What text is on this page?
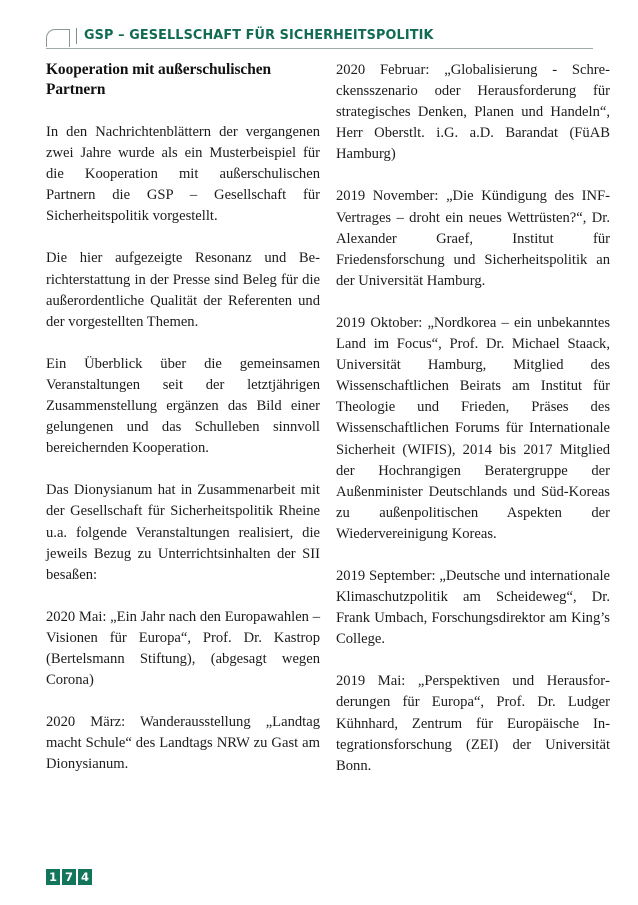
GSP – GESELLSCHAFT FÜR SICHERHEITSPOLITIK
Kooperation mit außerschulischen Partnern

In den Nachrichtenblättern der vergangenen zwei Jahre wurde als ein Musterbeispiel für die Kooperation mit außerschulischen Partnern die GSP – Gesellschaft für Sicherheitspolitik vorgestellt.

Die hier aufgezeigte Resonanz und Berichterstattung in der Presse sind Beleg für die außerordentliche Qualität der Referenten und der vorgestellten Themen.

Ein Überblick über die gemeinsamen Veranstaltungen seit der letztjährigen Zusammenstellung ergänzen das Bild einer gelungenen und das Schulleben sinnvoll bereichernden Kooperation.

Das Dionysianum hat in Zusammenarbeit mit der Gesellschaft für Sicherheitspolitik Rheine u.a. folgende Veranstaltungen realisiert, die jeweils Bezug zu Unterrichtsinhalten der SII besaßen:

2020 Mai: „Ein Jahr nach den Europawahlen – Visionen für Europa“, Prof. Dr. Kastrop (Bertelsmann Stiftung), (abgesagt wegen Corona)

2020 März: Wanderausstellung „Landtag macht Schule“ des Landtags NRW zu Gast am Dionysianum.

2020 Februar: „Globalisierung - Schreckensszenario oder Herausforderung für strategisches Denken, Planen und Handeln“, Herr Oberstlt. i.G. a.D. Barandat (FüAB Hamburg)

2019 November: „Die Kündigung des INF-Vertrages – droht ein neues Wettrüsten?“, Dr. Alexander Graef, Institut für Friedensforschung und Sicherheitspolitik an der Universität Hamburg.

2019 Oktober: „Nordkorea – ein unbekanntes Land im Focus“, Prof. Dr. Michael Staack, Universität Hamburg, Mitglied des Wissenschaftlichen Beirats am Institut für Theologie und Frieden, Präses des Wissenschaftlichen Forums für Internationale Sicherheit (WIFIS), 2014 bis 2017 Mitglied der Hochrangigen Beratergruppe der Außenminister Deutschlands und Süd-Koreas zu außenpolitischen Aspekten der Wiedervereinigung Koreas.

2019 September: „Deutsche und internationale Klimaschutzpolitik am Scheideweg“, Dr. Frank Umbach, Forschungsdirektor am King’s College.

2019 Mai: „Perspektiven und Herausforderungen für Europa“, Prof. Dr. Ludger Kühnhard, Zentrum für Europäische Integrationsforschung (ZEI) der Universität Bonn.

1 7 4
